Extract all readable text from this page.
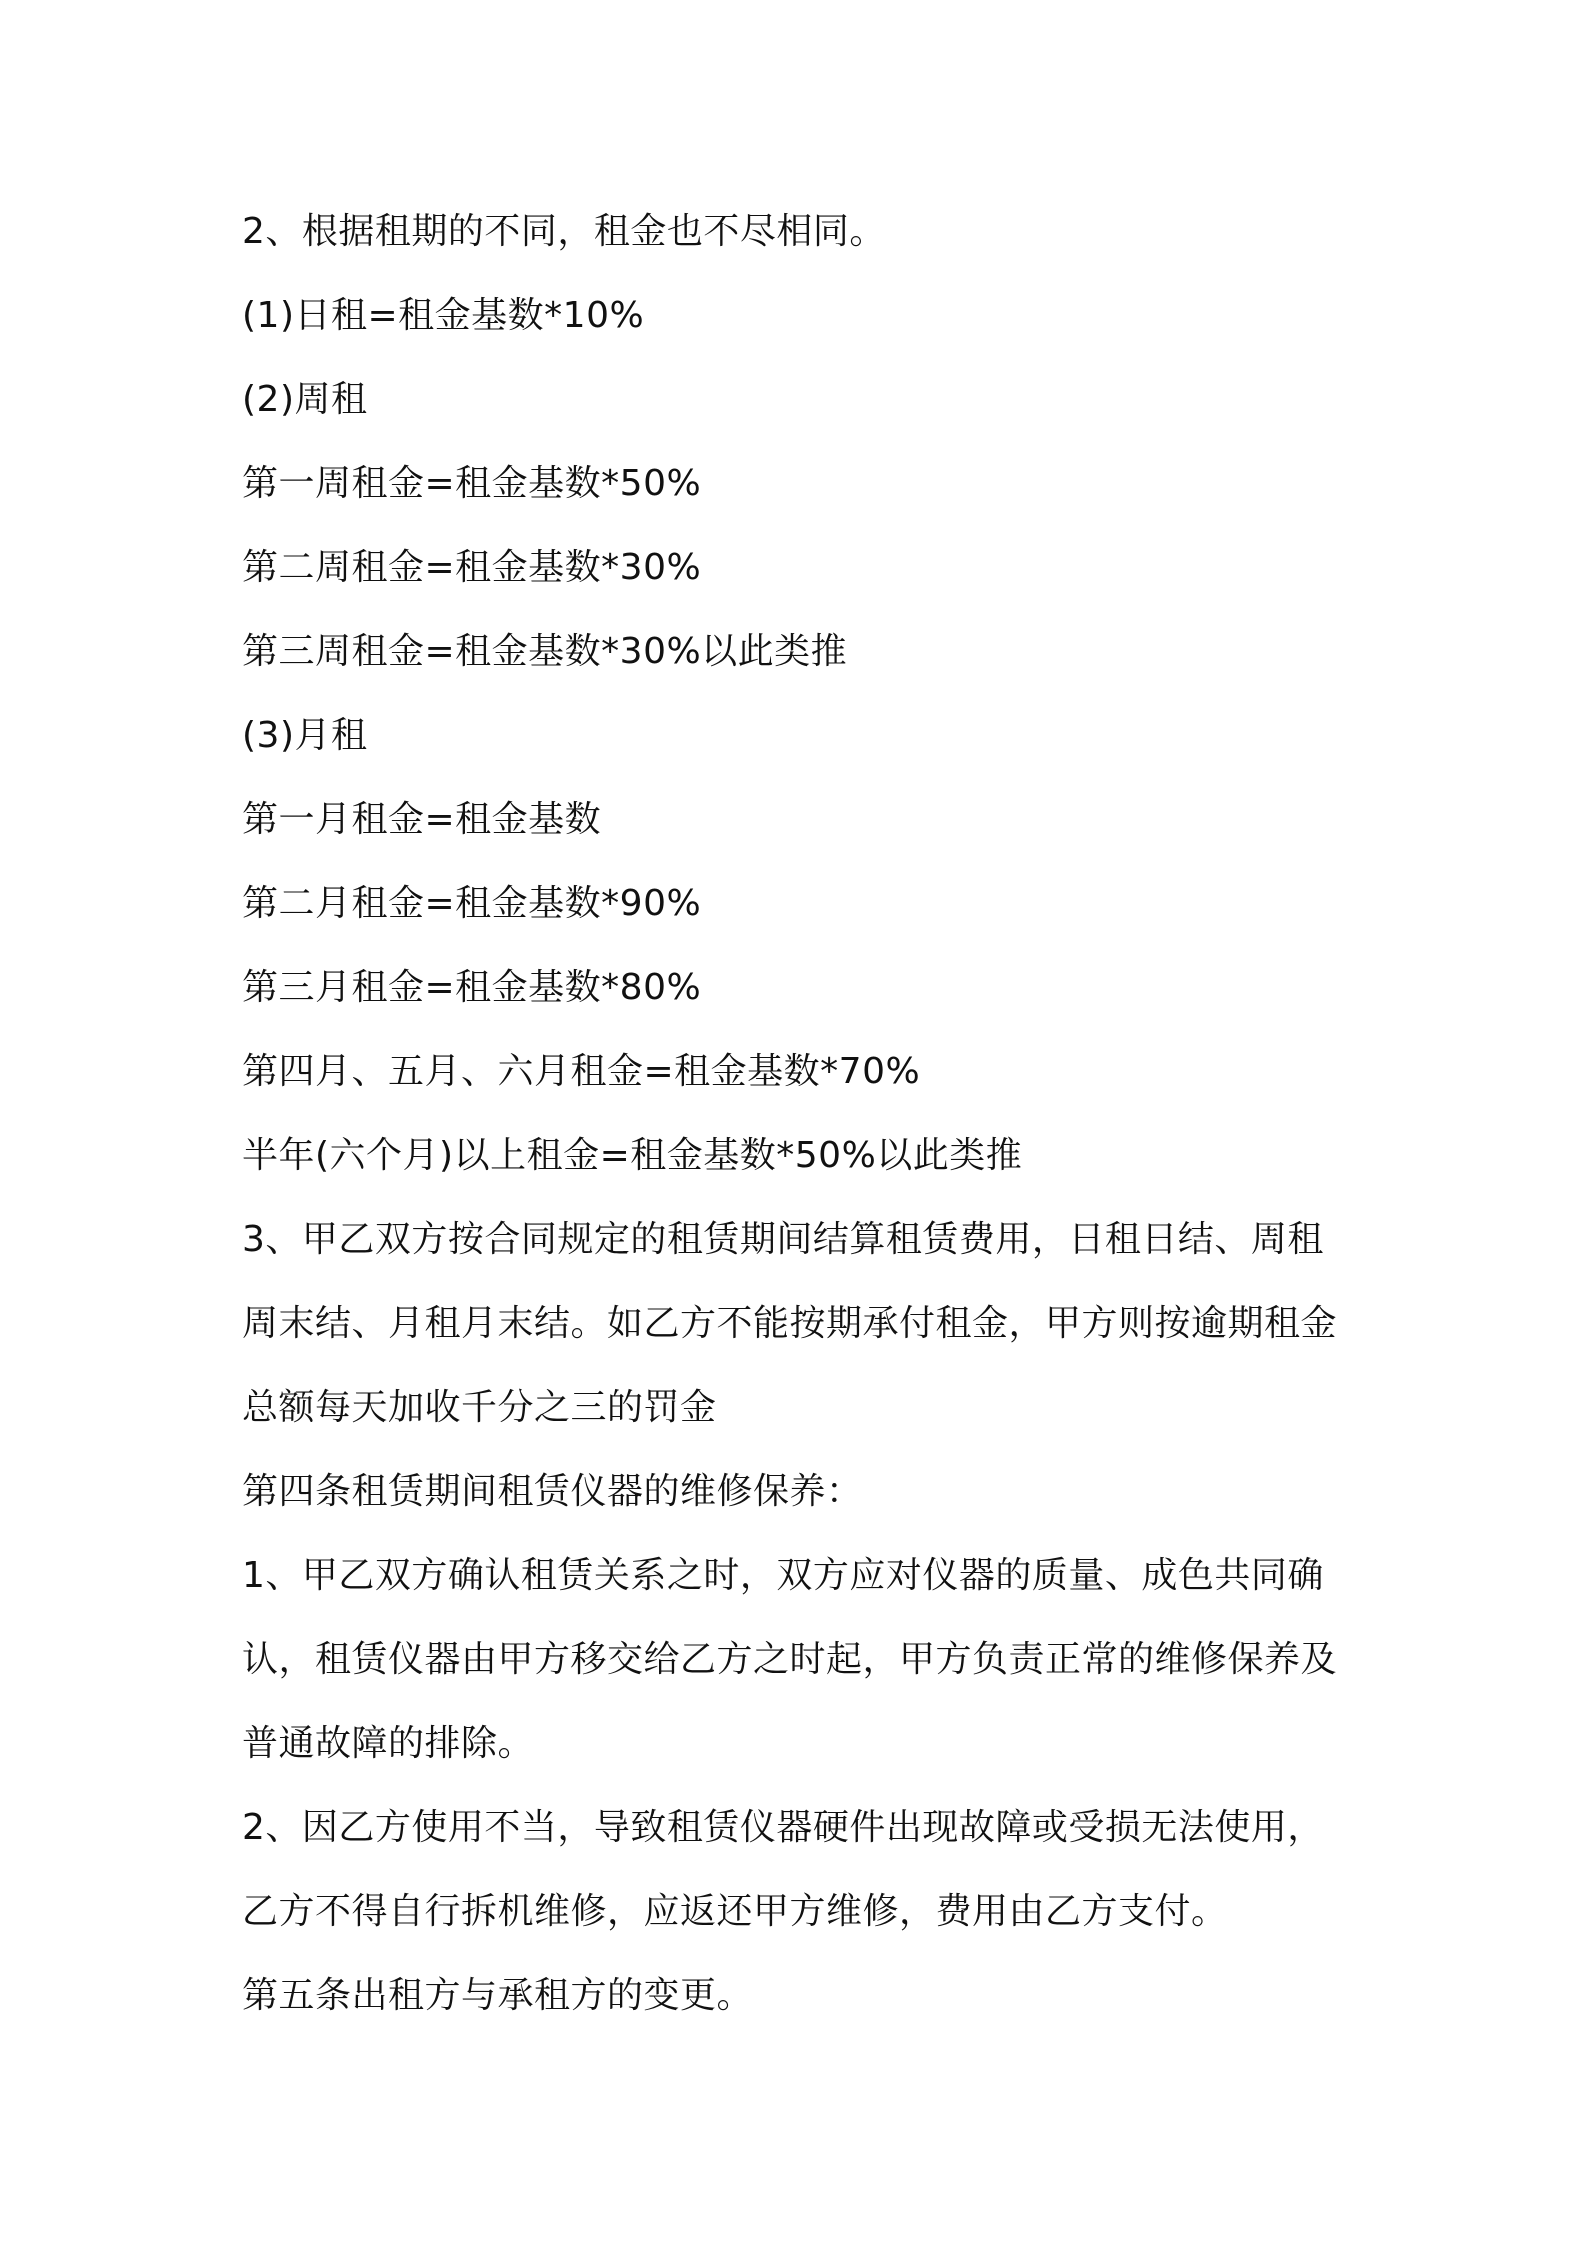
2、根据租期的不同，租金也不尽相同。
(1)日租=租金基数*10%
(2)周租
第一周租金=租金基数*50%
第二周租金=租金基数*30%
第三周租金=租金基数*30%以此类推
(3)月租
第一月租金=租金基数
第二月租金=租金基数*90%
第三月租金=租金基数*80%
第四月、五月、六月租金=租金基数*70%
半年(六个月)以上租金=租金基数*50%以此类推
3、甲乙双方按合同规定的租赁期间结算租赁费用，日租日结、周租
周末结、月租月末结。如乙方不能按期承付租金，甲方则按逾期租金
总额每天加收千分之三的罚金
第四条租赁期间租赁仪器的维修保养：
1、甲乙双方确认租赁关系之时，双方应对仪器的质量、成色共同确
认，租赁仪器由甲方移交给乙方之时起，甲方负责正常的维修保养及
普通故障的排除。
2、因乙方使用不当，导致租赁仪器硬件出现故障或受损无法使用，
乙方不得自行拆机维修，应返还甲方维修，费用由乙方支付。
第五条出租方与承租方的变更。
